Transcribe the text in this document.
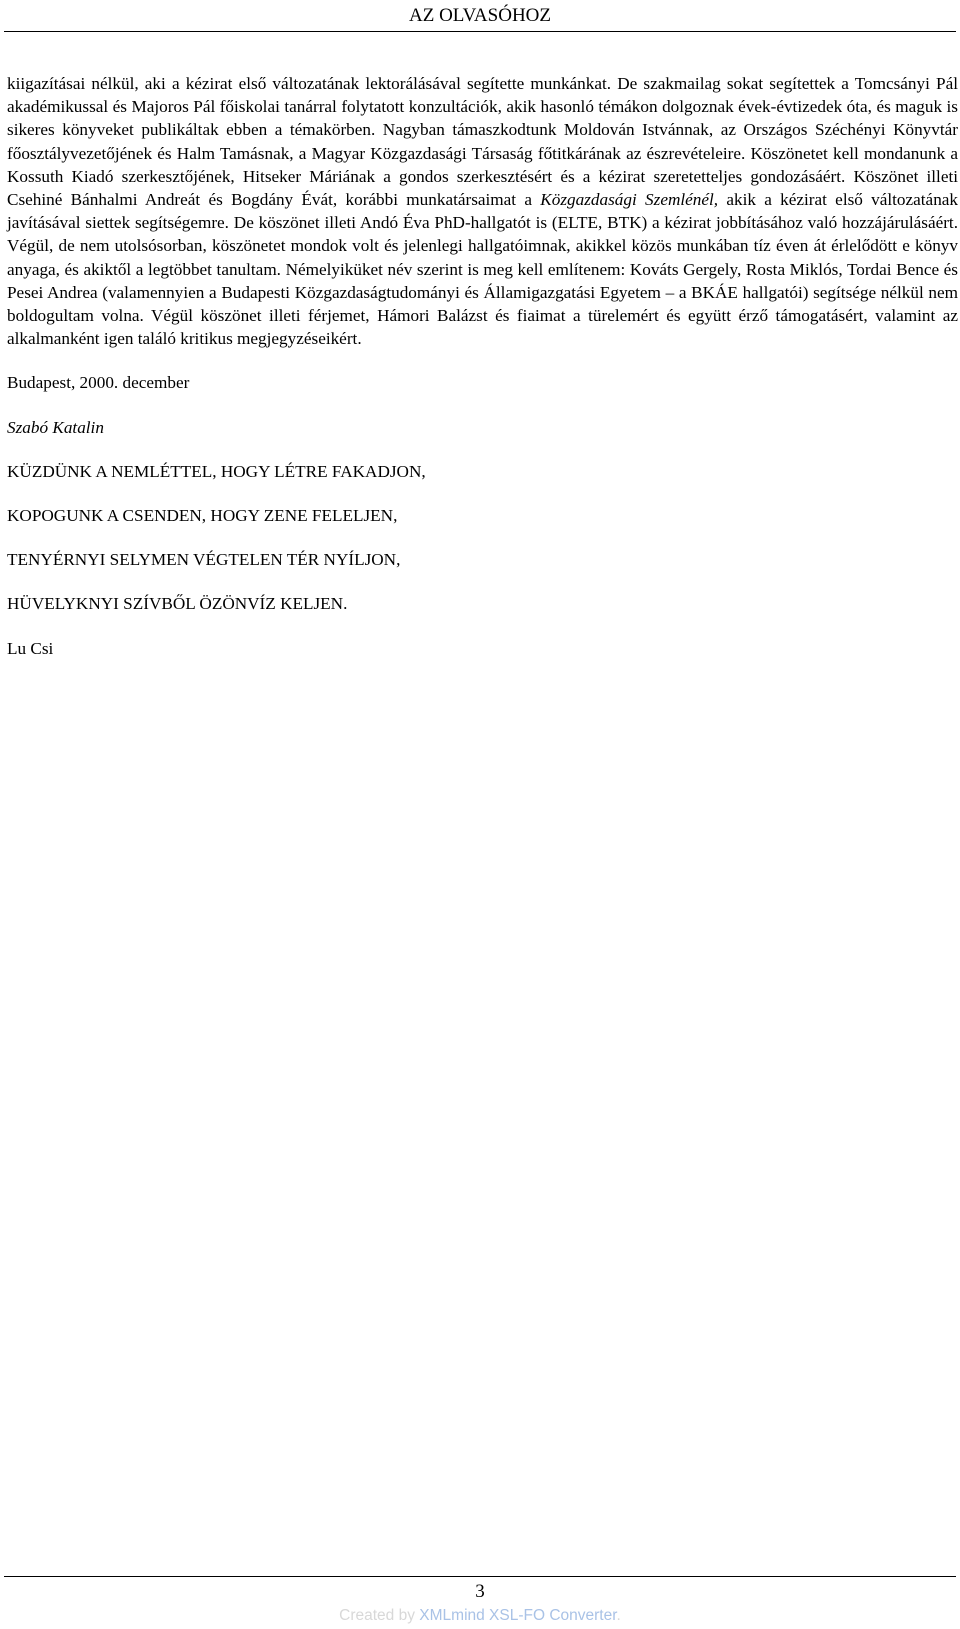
AZ OLVASÓHOZ

kiigazításai nélkül, aki a kézirat első változatának lektorálásával segítette munkánkat. De szakmailag sokat segítettek a Tomcsányi Pál akadémikussal és Majoros Pál főiskolai tanárral folytatott konzultációk, akik hasonló témákon dolgoznak évek-évtizedek óta, és maguk is sikeres könyveket publikáltak ebben a témakörben. Nagyban támaszkodtunk Moldován Istvánnak, az Országos Széchényi Könyvtár főosztályvezetőjének és Halm Tamásnak, a Magyar Közgazdasági Társaság főtitkárának az észrevételeire. Köszönetet kell mondanunk a Kossuth Kiadó szerkesztőjének, Hitseker Máriának a gondos szerkesztésért és a kézirat szeretetteljes gondozásáért. Köszönet illeti Csehiné Bánhalmi Andreát és Bogdány Évát, korábbi munkatársaimat a Közgazdasági Szemlénél, akik a kézirat első változatának javításával siettek segítségemre. De köszönet illeti Andó Éva PhD-hallgatót is (ELTE, BTK) a kézirat jobbításához való hozzájárulásáért. Végül, de nem utolsósorban, köszönetet mondok volt és jelenlegi hallgatóimnak, akikkel közös munkában tíz éven át érlelődött e könyv anyaga, és akiktől a legtöbbet tanultam. Némelyiküket név szerint is meg kell említenem: Kováts Gergely, Rosta Miklós, Tordai Bence és Pesei Andrea (valamennyien a Budapesti Közgazdaságtudományi és Államigazgatási Egyetem – a BKÁE hallgatói) segítsége nélkül nem boldogultam volna. Végül köszönet illeti férjemet, Hámori Balázst és fiaimat a türelemért és együtt érző támogatásért, valamint az alkalmanként igen találó kritikus megjegyzéseikért.

Budapest, 2000. december

Szabó Katalin

KÜZDÜNK A NEMLÉTTEL, HOGY LÉTRE FAKADJON,

KOPOGUNK A CSENDEN, HOGY ZENE FELELJEN,

TENYÉRNYI SELYMEN VÉGTELEN TÉR NYÍLJON,

HÜVELYKNYI SZÍVBŐL ÖZÖNVÍZ KELJEN.

Lu Csi

3
Created by XMLmind XSL-FO Converter.
